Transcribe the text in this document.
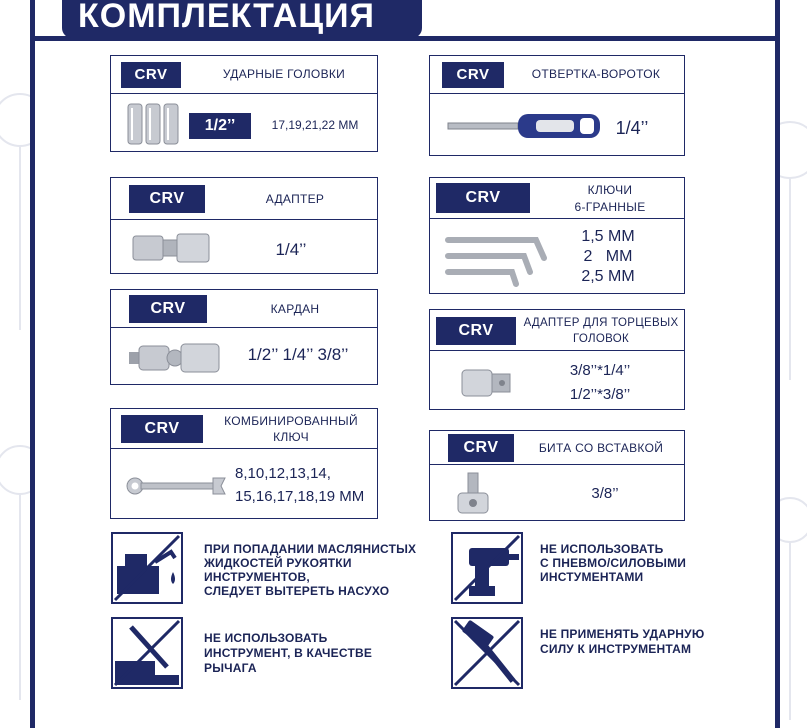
КОМПЛЕКТАЦИЯ
CRV	УДАРНЫЕ ГОЛОВКИ
1/2’’	17,19,21,22 ММ
CRV	ОТВЕРТКА-ВОРОТОК
1/4’’
CRV	АДАПТЕР
1/4’’
CRV	КЛЮЧИ
6-ГРАННЫЕ
1,5 ММ
2   ММ
2,5 ММ
CRV	КАРДАН
1/2’’ 1/4’’ 3/8’’
CRV	АДАПТЕР ДЛЯ ТОРЦЕВЫХ
ГОЛОВОК
3/8’’*1/4’’
1/2’’*3/8’’
CRV	КОМБИНИРОВАННЫЙ
КЛЮЧ
8,10,12,13,14,
15,16,17,18,19 ММ
CRV	БИТА СО ВСТАВКОЙ
3/8’’
ПРИ ПОПАДАНИИ МАСЛЯНИСТЫХ
ЖИДКОСТЕЙ РУКОЯТКИ
ИНСТРУМЕНТОВ,
СЛЕДУЕТ ВЫТЕРЕТЬ НАСУХО
НЕ ИСПОЛЬЗОВАТЬ
С ПНЕВМО/СИЛОВЫМИ
ИНСТУМЕНТАМИ
НЕ ИСПОЛЬЗОВАТЬ
ИНСТРУМЕНТ, В КАЧЕСТВЕ
РЫЧАГА
НЕ ПРИМЕНЯТЬ УДАРНУЮ
СИЛУ К ИНСТРУМЕНТАМ
